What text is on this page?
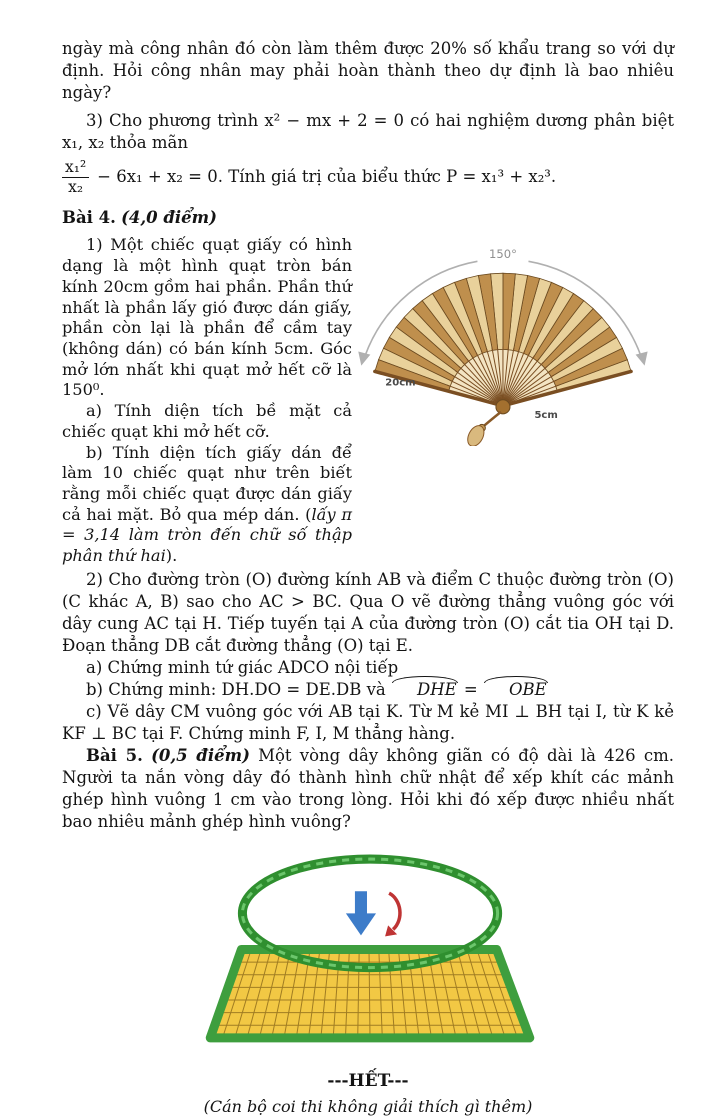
ngày mà công nhân đó còn làm thêm được 20% số khẩu trang so với dự định. Hỏi công nhân may phải hoàn thành theo dự định là bao nhiêu ngày?

3) Cho phương trình x² − mx + 2 = 0 có hai nghiệm dương phân biệt x₁, x₂ thỏa mãn

$\frac{\text{x₁²}}{\text{x₂}} - 6x_1 + x_2 = 0$. Tính giá trị của biểu thức P = x₁³ + x₂³.

Bài 4. (4,0 điểm)

1) Một chiếc quạt giấy có hình dạng là một hình quạt tròn bán kính 20cm gồm hai phần. Phần thứ nhất là phần lấy gió được dán giấy, phần còn lại là phần để cầm tay (không dán) có bán kính 5cm. Góc mở lớn nhất khi quạt mở hết cỡ là 150⁰.

a) Tính diện tích bề mặt cả chiếc quạt khi mở hết cỡ.

b) Tính diện tích giấy dán để làm 10 chiếc quạt như trên biết rằng mỗi chiếc quạt được dán giấy cả hai mặt. Bỏ qua mép dán. (lấy π = 3,14 làm tròn đến chữ số thập phân thứ hai).

150°
20cm
5cm

2) Cho đường tròn (O) đường kính AB và điểm C thuộc đường tròn (O) (C khác A, B) sao cho AC > BC. Qua O vẽ đường thẳng vuông góc với dây cung AC tại H. Tiếp tuyến tại A của đường tròn (O) cắt tia OH tại D. Đoạn thẳng DB cắt đường thẳng (O) tại E.

a) Chứng minh tứ giác ADCO nội tiếp

b) Chứng minh: DH.DO = DE.DB và DHE = OBE

c) Vẽ dây CM vuông góc với AB tại K. Từ M kẻ MI ⊥ BH tại I, từ K kẻ KF ⊥ BC tại F. Chứng minh F, I, M thẳng hàng.

Bài 5. (0,5 điểm) Một vòng dây không giãn có độ dài là 426 cm. Người ta nắn vòng dây đó thành hình chữ nhật để xếp khít các mảnh ghép hình vuông 1 cm vào trong lòng. Hỏi khi đó xếp được nhiều nhất bao nhiêu mảnh ghép hình vuông?

---HẾT---
(Cán bộ coi thi không giải thích gì thêm)
